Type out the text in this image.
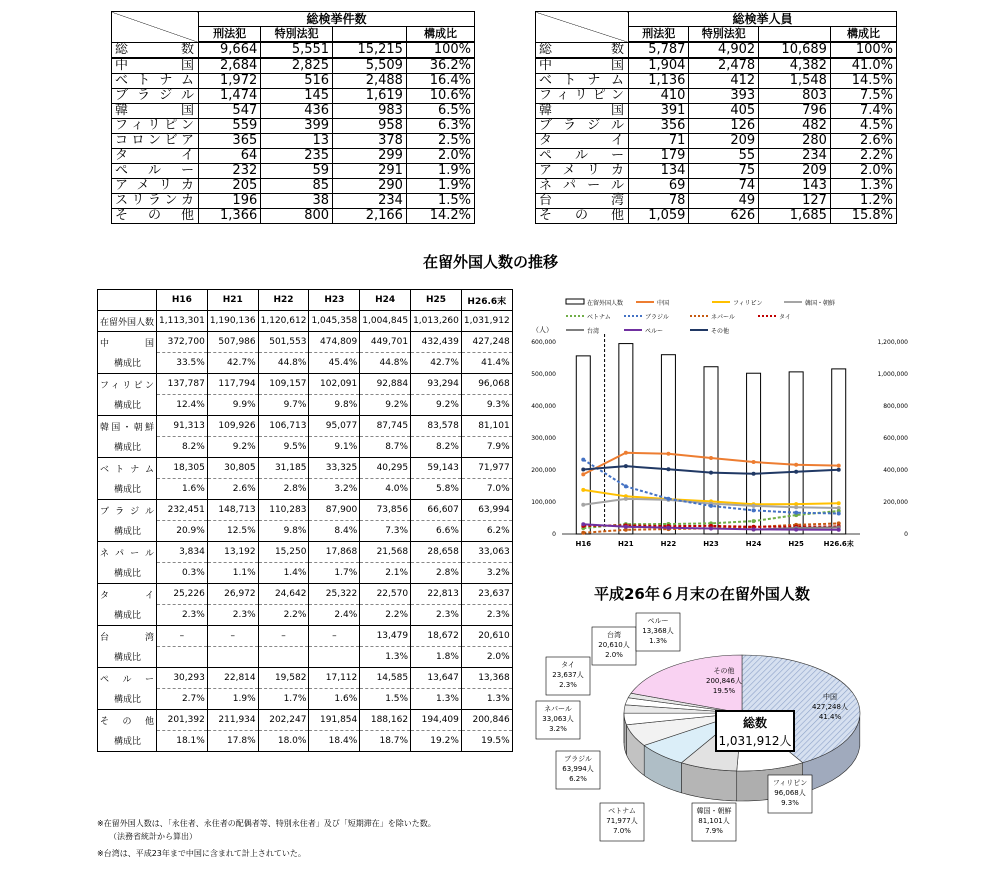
	総検挙件数			
	刑法犯	特別法犯		構成比
総　数	9,664	5,551	15,215	100%
中　国	2,684	2,825	5,509	36.2%
ベトナム	1,972	516	2,488	16.4%
ブラジル	1,474	145	1,619	10.6%
韓　国	547	436	983	6.5%
フィリピン	559	399	958	6.3%
コロンビア	365	13	378	2.5%
タ　イ	64	235	299	2.0%
ペルー	232	59	291	1.9%
アメリカ	205	85	290	1.9%
スリランカ	196	38	234	1.5%
その他	1,366	800	2,166	14.2%
	総検挙人員			
	刑法犯	特別法犯		構成比
総　数	5,787	4,902	10,689	100%
中　国	1,904	2,478	4,382	41.0%
ベトナム	1,136	412	1,548	14.5%
フィリピン	410	393	803	7.5%
韓　国	391	405	796	7.4%
ブラジル	356	126	482	4.5%
タ　イ	71	209	280	2.6%
ペルー	179	55	234	2.2%
アメリカ	134	75	209	2.0%
ネパール	69	74	143	1.3%
台　湾	78	49	127	1.2%
その他	1,059	626	1,685	15.8%
在留外国人数の推移
	H16	H21	H22	H23	H24	H25	H26.6末
在留外国人数	1,113,301	1,190,136	1,120,612	1,045,358	1,004,845	1,013,260	1,031,912
中　国	372,700	507,986	501,553	474,809	449,701	432,439	427,248
構成比	33.5%	42.7%	44.8%	45.4%	44.8%	42.7%	41.4%
フィリピン	137,787	117,794	109,157	102,091	92,884	93,294	96,068
構成比	12.4%	9.9%	9.7%	9.8%	9.2%	9.2%	9.3%
韓国・朝鮮	91,313	109,926	106,713	95,077	87,745	83,578	81,101
構成比	8.2%	9.2%	9.5%	9.1%	8.7%	8.2%	7.9%
ベトナム	18,305	30,805	31,185	33,325	40,295	59,143	71,977
構成比	1.6%	2.6%	2.8%	3.2%	4.0%	5.8%	7.0%
ブラジル	232,451	148,713	110,283	87,900	73,856	66,607	63,994
構成比	20.9%	12.5%	9.8%	8.4%	7.3%	6.6%	6.2%
ネパール	3,834	13,192	15,250	17,868	21,568	28,658	33,063
構成比	0.3%	1.1%	1.4%	1.7%	2.1%	2.8%	3.2%
タ　イ	25,226	26,972	24,642	25,322	22,570	22,813	23,637
構成比	2.3%	2.3%	2.2%	2.4%	2.2%	2.3%	2.3%
台　湾	–	–	–	–	13,479	18,672	20,610
構成比					1.3%	1.8%	2.0%
ペルー	30,293	22,814	19,582	17,112	14,585	13,647	13,368
構成比	2.7%	1.9%	1.7%	1.6%	1.5%	1.3%	1.3%
その他	201,392	211,934	202,247	191,854	188,162	194,409	200,846
構成比	18.1%	17.8%	18.0%	18.4%	18.7%	19.2%	19.5%
※在留外国人数は、「永住者、永住者の配偶者等、特別永住者」及び「短期滞在」を除いた数。
（法務省統計から算出）
※台湾は、平成23年まで中国に含まれて計上されていた。
在留外国人数	中国	フィリピン	韓国・朝鮮
ベトナム	ブラジル	ネパール	タイ
台湾	ペルー	その他
（人）
0
100,000
200,000
300,000
400,000
500,000
600,000
0
200,000
400,000
600,000
800,000
1,000,000
1,200,000
H16	H21	H22	H23	H24	H25	H26.6末
平成26年６月末の在留外国人数
総数
1,031,912人
中国
427,248人
41.4%
フィリピン
96,068人
9.3%
韓国・朝鮮
81,101人
7.9%
ベトナム
71,977人
7.0%
ブラジル
63,994人
6.2%
ネパール
33,063人
3.2%
タイ
23,637人
2.3%
台湾
20,610人
2.0%
ペルー
13,368人
1.3%
その他
200,846人
19.5%
